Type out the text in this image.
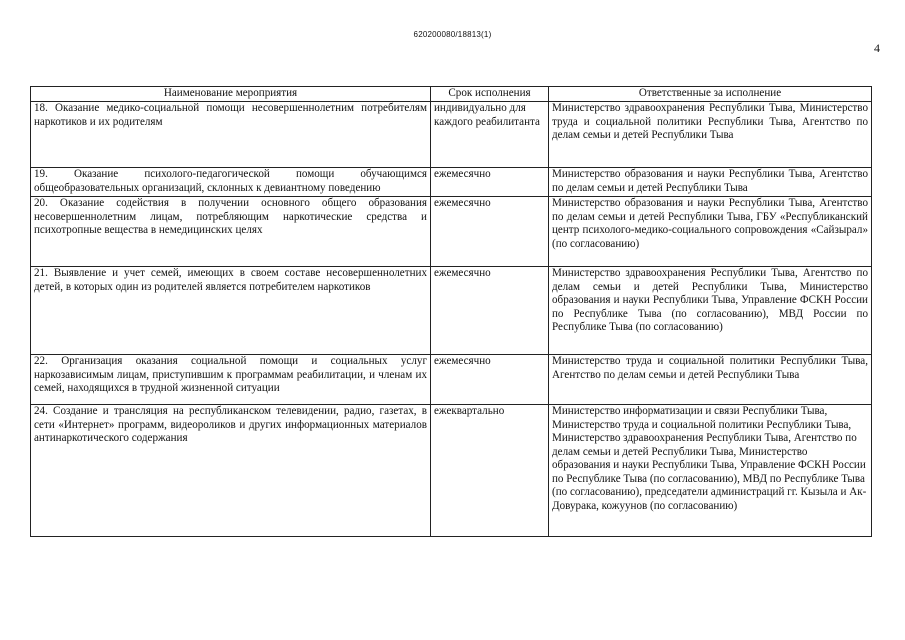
620200080/18813(1)
4
Наименование мероприятия	Срок исполнения	Ответственные за исполнение
18. Оказание медико-социальной помощи несовершеннолетним потребителям наркотиков и их родителям	индивидуально для каждого реабилитанта	Министерство здравоохранения Республики Тыва, Министерство труда и социальной политики Республики Тыва, Агентство по делам семьи и детей Республики Тыва
19. Оказание психолого-педагогической помощи обучающимся общеобразовательных организаций, склонных к девиантному поведению	ежемесячно	Министерство образования и науки Республики Тыва, Агентство по делам семьи и детей Республики Тыва
20. Оказание содействия в получении основного общего образования несовершеннолетним лицам, потребляющим наркотические средства и психотропные вещества в немедицинских целях	ежемесячно	Министерство образования и науки Республики Тыва, Агентство по делам семьи и детей Республики Тыва, ГБУ «Республиканский центр психолого-медико-социального сопровождения «Сайзырал» (по согласованию)
21. Выявление и учет семей, имеющих в своем составе несовершеннолетних детей, в которых один из родителей является потребителем наркотиков	ежемесячно	Министерство здравоохранения Республики Тыва, Агентство по делам семьи и детей Республики Тыва, Министерство образования и науки Республики Тыва, Управление ФСКН России по Республике Тыва (по согласованию), МВД России по Республике Тыва (по согласованию)
22. Организация оказания социальной помощи и социальных услуг наркозависимым лицам, приступившим к программам реабилитации, и членам их семей, находящихся в трудной жизненной ситуации	ежемесячно	Министерство труда и социальной политики Республики Тыва, Агентство по делам семьи и детей Республики Тыва
24. Создание и трансляция на республиканском телевидении, радио, газетах, в сети «Интернет» программ, видеороликов и других информационных материалов антинаркотического содержания	ежеквартально	Министерство информатизации и связи Республики Тыва, Министерство труда и социальной политики Республики Тыва, Министерство здравоохранения Республики Тыва, Агентство по делам семьи и детей Республики Тыва, Министерство образования и науки Республики Тыва, Управление ФСКН России по Республике Тыва (по согласованию), МВД по Республике Тыва (по согласованию), председатели администраций гг. Кызыла и Ак-Довурака, кожуунов (по согласованию)
